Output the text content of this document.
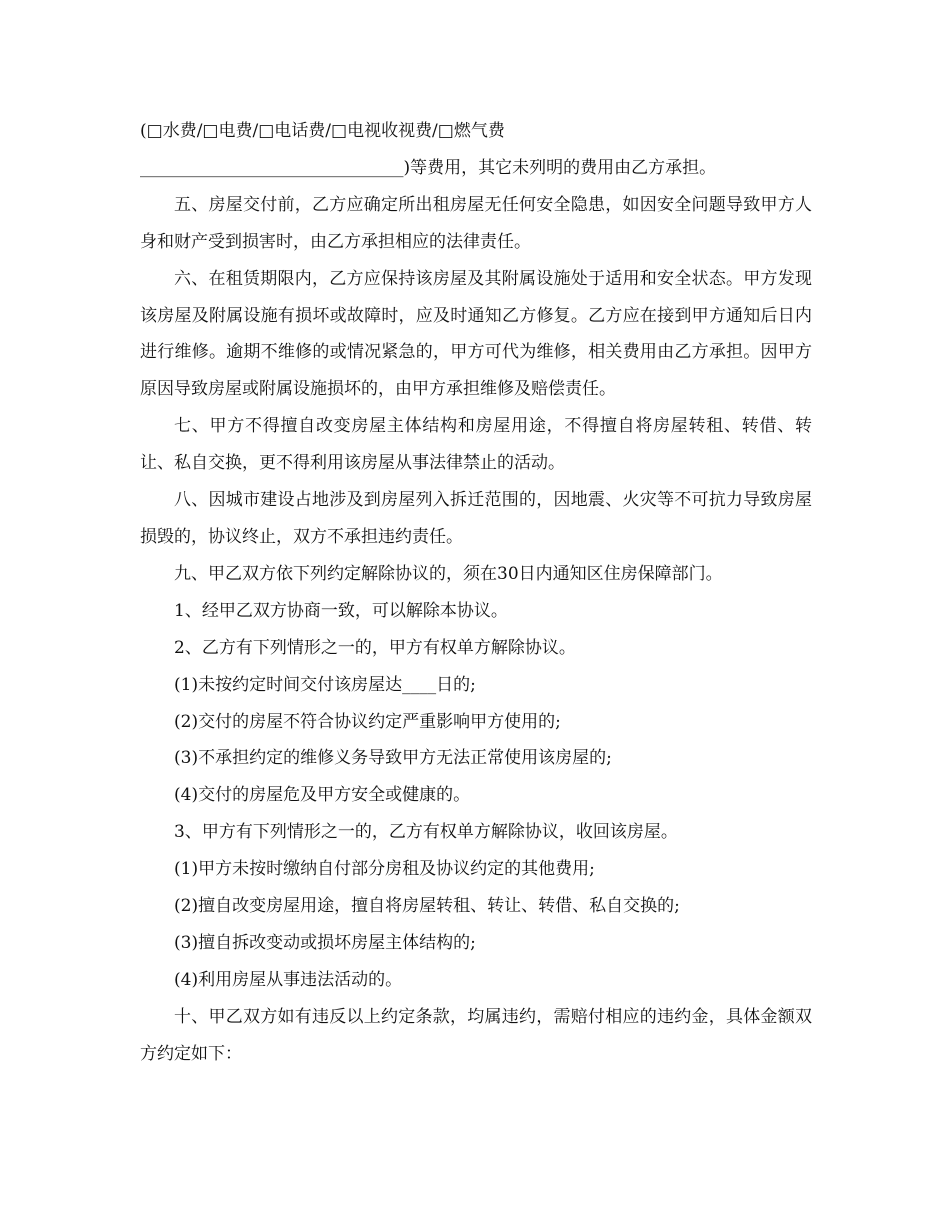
(□水费/□电费/□电话费/□电视收视费/□燃气费

_______________________________)等费用，其它未列明的费用由乙方承担。

五、房屋交付前，乙方应确定所出租房屋无任何安全隐患，如因安全问题导致甲方人身和财产受到损害时，由乙方承担相应的法律责任。

六、在租赁期限内，乙方应保持该房屋及其附属设施处于适用和安全状态。甲方发现该房屋及附属设施有损坏或故障时，应及时通知乙方修复。乙方应在接到甲方通知后日内进行维修。逾期不维修的或情况紧急的，甲方可代为维修，相关费用由乙方承担。因甲方原因导致房屋或附属设施损坏的，由甲方承担维修及赔偿责任。

七、甲方不得擅自改变房屋主体结构和房屋用途，不得擅自将房屋转租、转借、转让、私自交换，更不得利用该房屋从事法律禁止的活动。

八、因城市建设占地涉及到房屋列入拆迁范围的，因地震、火灾等不可抗力导致房屋损毁的，协议终止，双方不承担违约责任。

九、甲乙双方依下列约定解除协议的，须在30日内通知区住房保障部门。

1、经甲乙双方协商一致，可以解除本协议。

2、乙方有下列情形之一的，甲方有权单方解除协议。

(1)未按约定时间交付该房屋达____日的;

(2)交付的房屋不符合协议约定严重影响甲方使用的;

(3)不承担约定的维修义务导致甲方无法正常使用该房屋的;

(4)交付的房屋危及甲方安全或健康的。

3、甲方有下列情形之一的，乙方有权单方解除协议，收回该房屋。

(1)甲方未按时缴纳自付部分房租及协议约定的其他费用;

(2)擅自改变房屋用途，擅自将房屋转租、转让、转借、私自交换的;

(3)擅自拆改变动或损坏房屋主体结构的;

(4)利用房屋从事违法活动的。

十、甲乙双方如有违反以上约定条款，均属违约，需赔付相应的违约金，具体金额双方约定如下：
